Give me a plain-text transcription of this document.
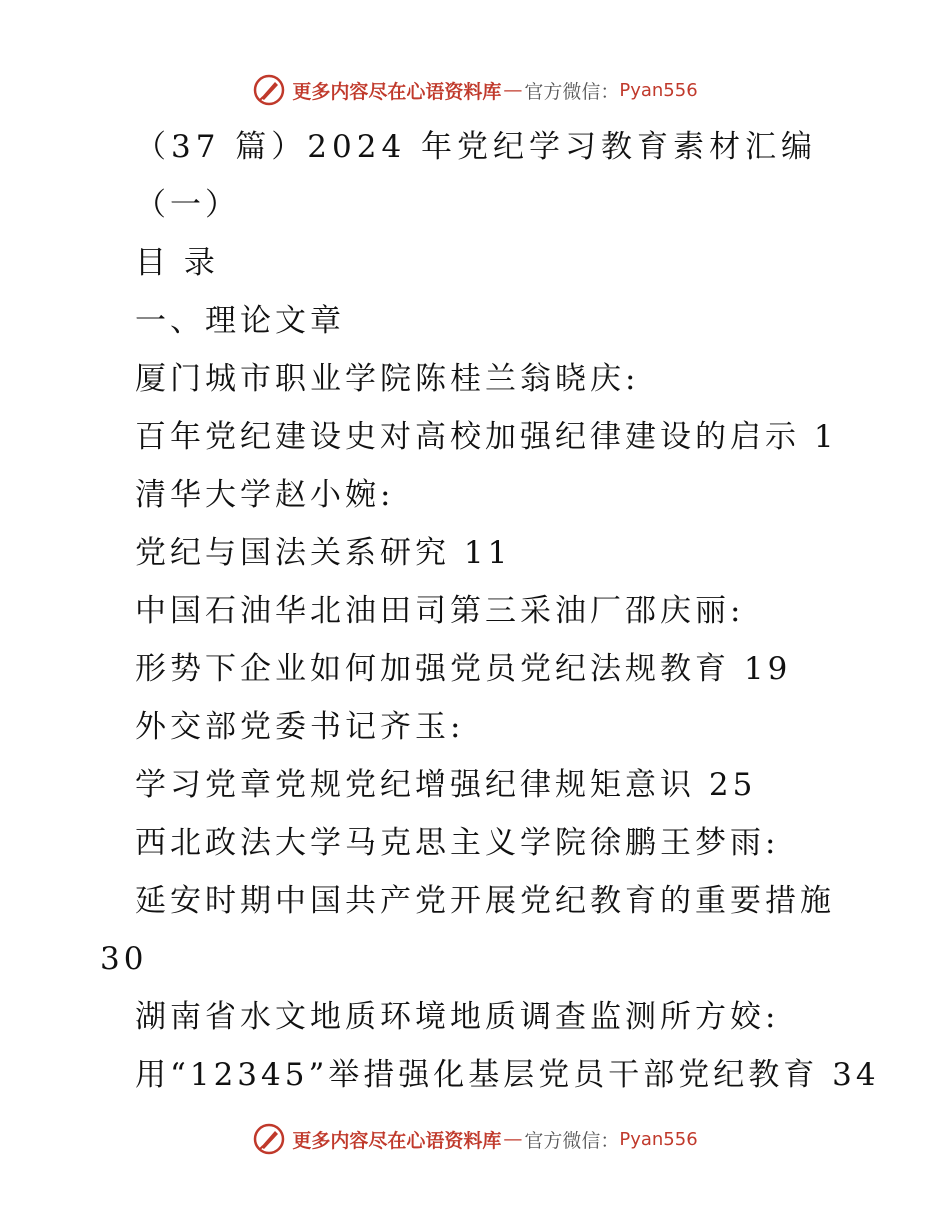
更多内容尽在心语资料库 — 官方微信： Pyan556
（37 篇）2024 年党纪学习教育素材汇编
（一）
目 录
一、理论文章
厦门城市职业学院陈桂兰翁晓庆:
百年党纪建设史对高校加强纪律建设的启示 1
清华大学赵小婉:
党纪与国法关系研究 11
中国石油华北油田司第三采油厂邵庆丽:
形势下企业如何加强党员党纪法规教育 19
外交部党委书记齐玉:
学习党章党规党纪增强纪律规矩意识 25
西北政法大学马克思主义学院徐鹏王梦雨:
延安时期中国共产党开展党纪教育的重要措施
30
湖南省水文地质环境地质调查监测所方姣:
用“12345”举措强化基层党员干部党纪教育 34
更多内容尽在心语资料库 — 官方微信： Pyan556
